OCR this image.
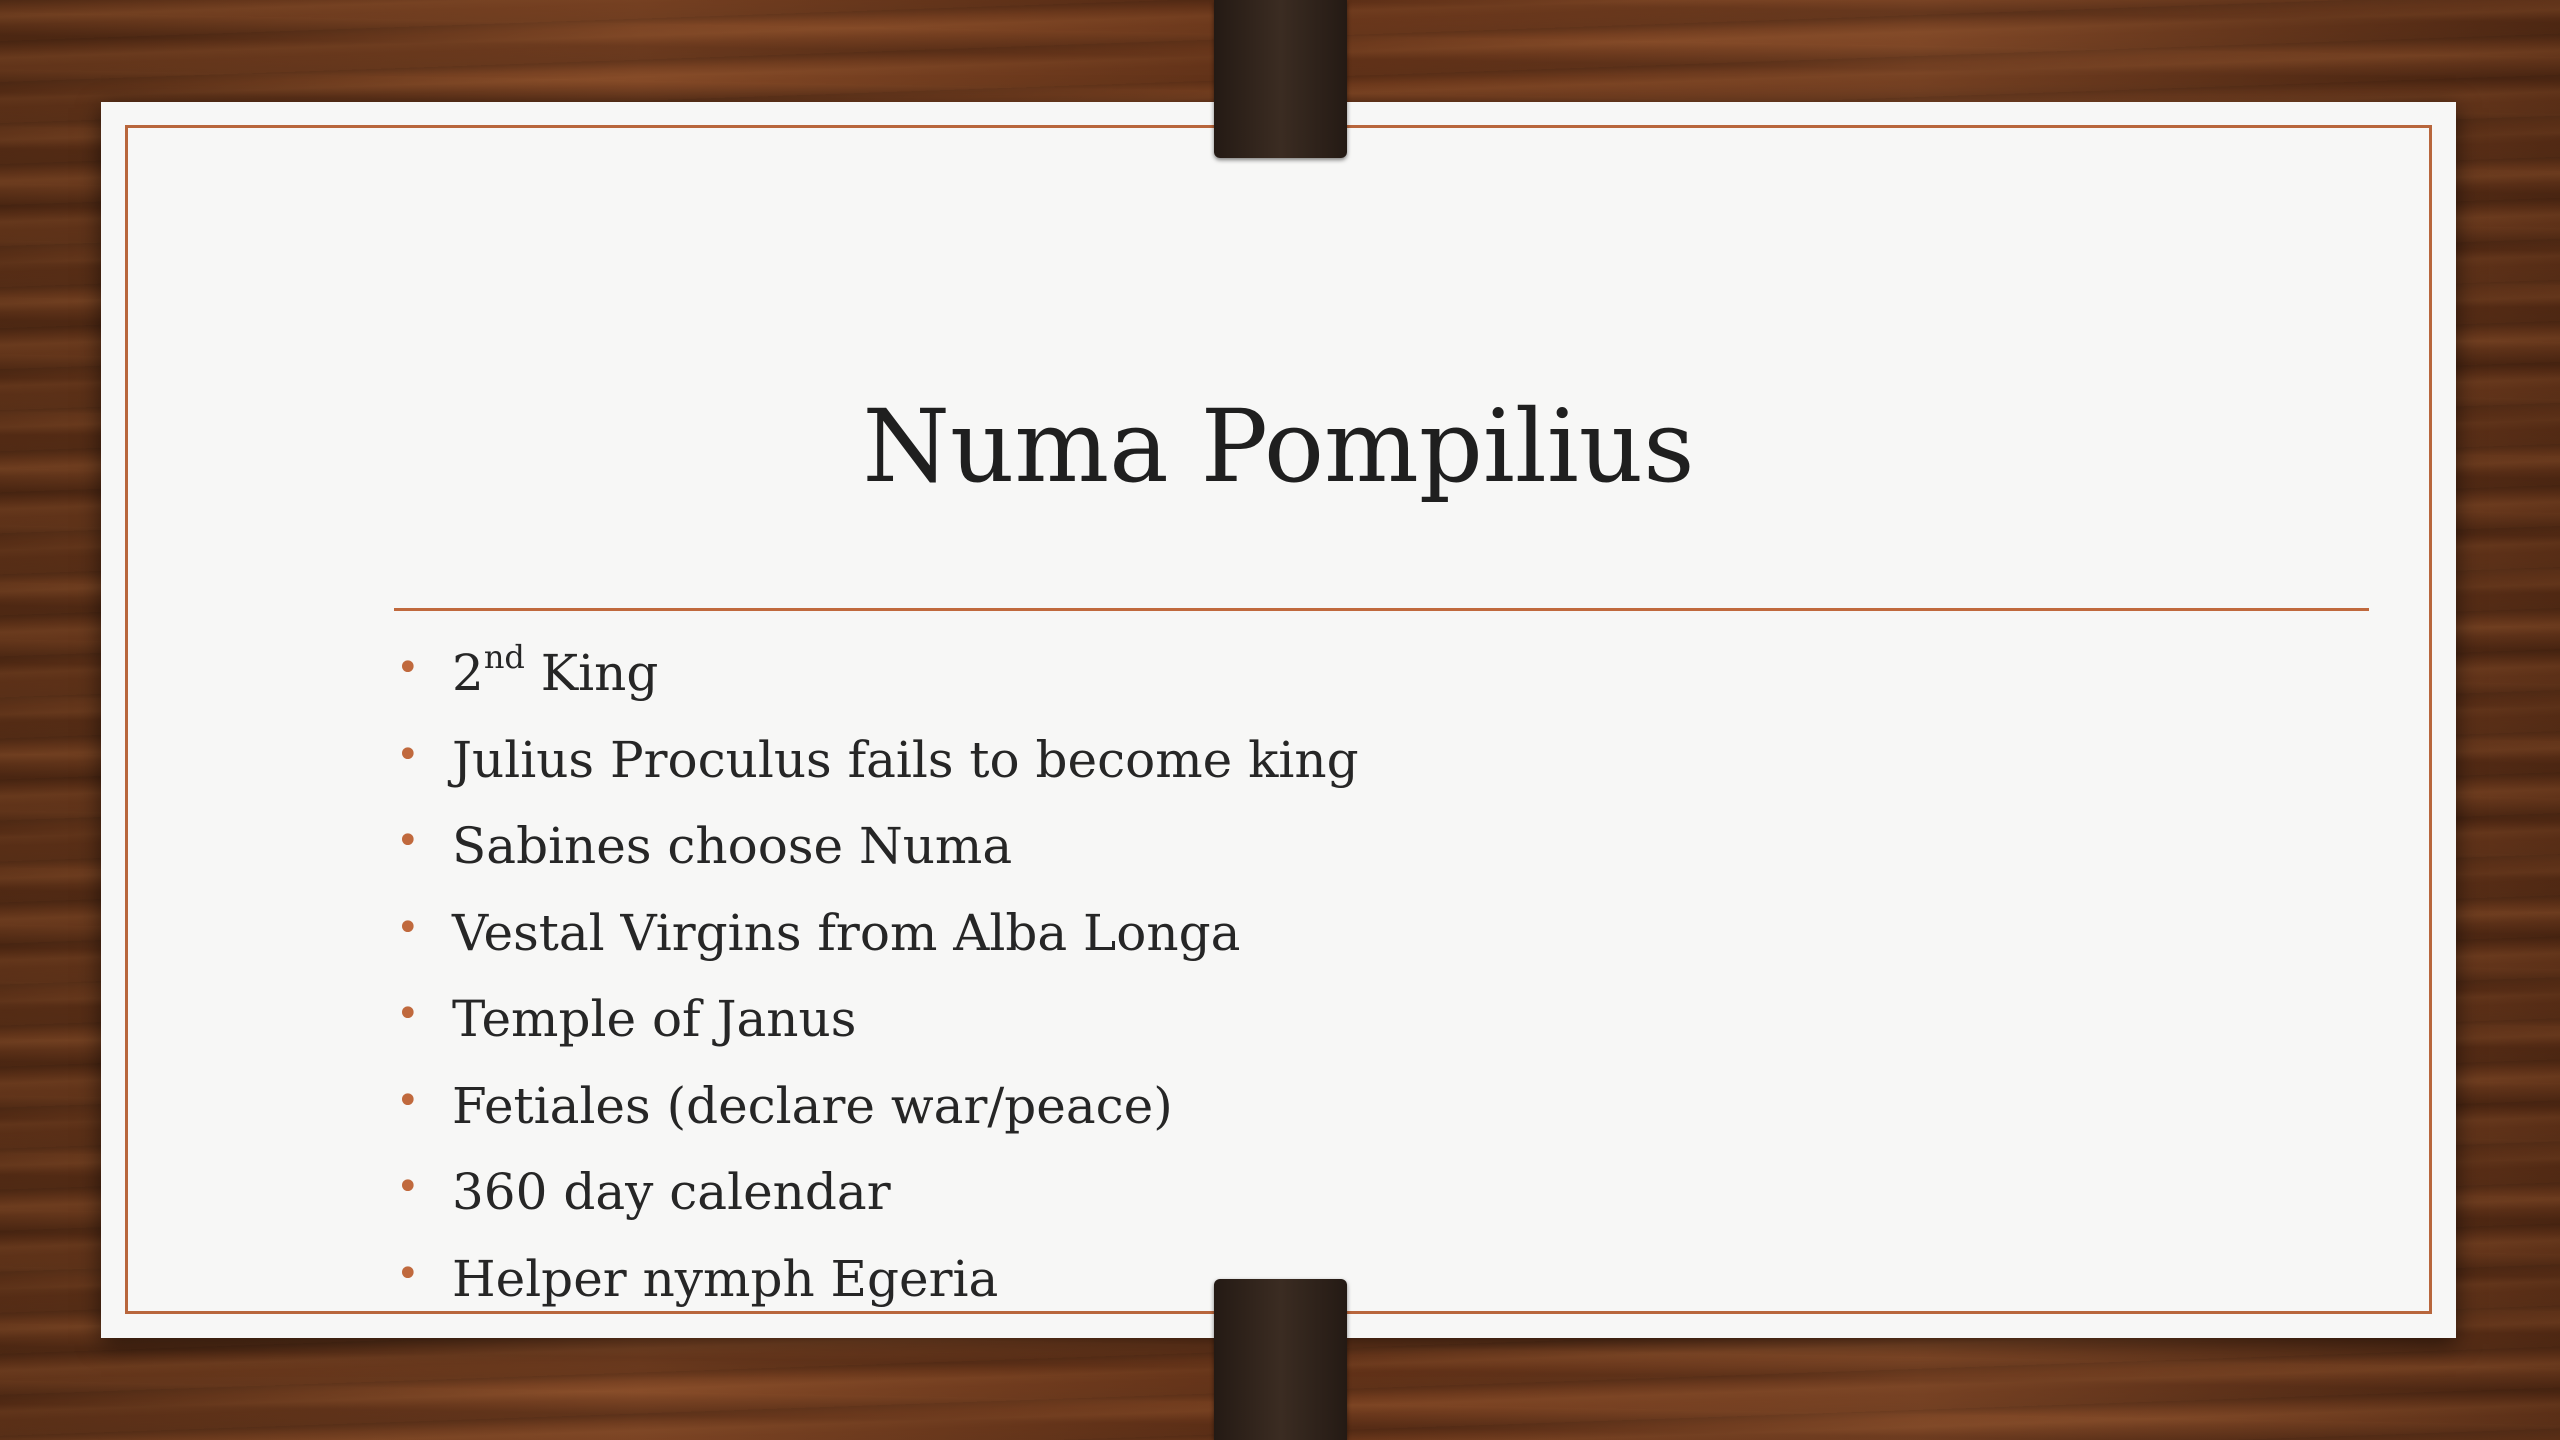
Numa Pompilius
• 2nd King
• Julius Proculus fails to become king
• Sabines choose Numa
• Vestal Virgins from Alba Longa
• Temple of Janus
• Fetiales (declare war/peace)
• 360 day calendar
• Helper nymph Egeria
